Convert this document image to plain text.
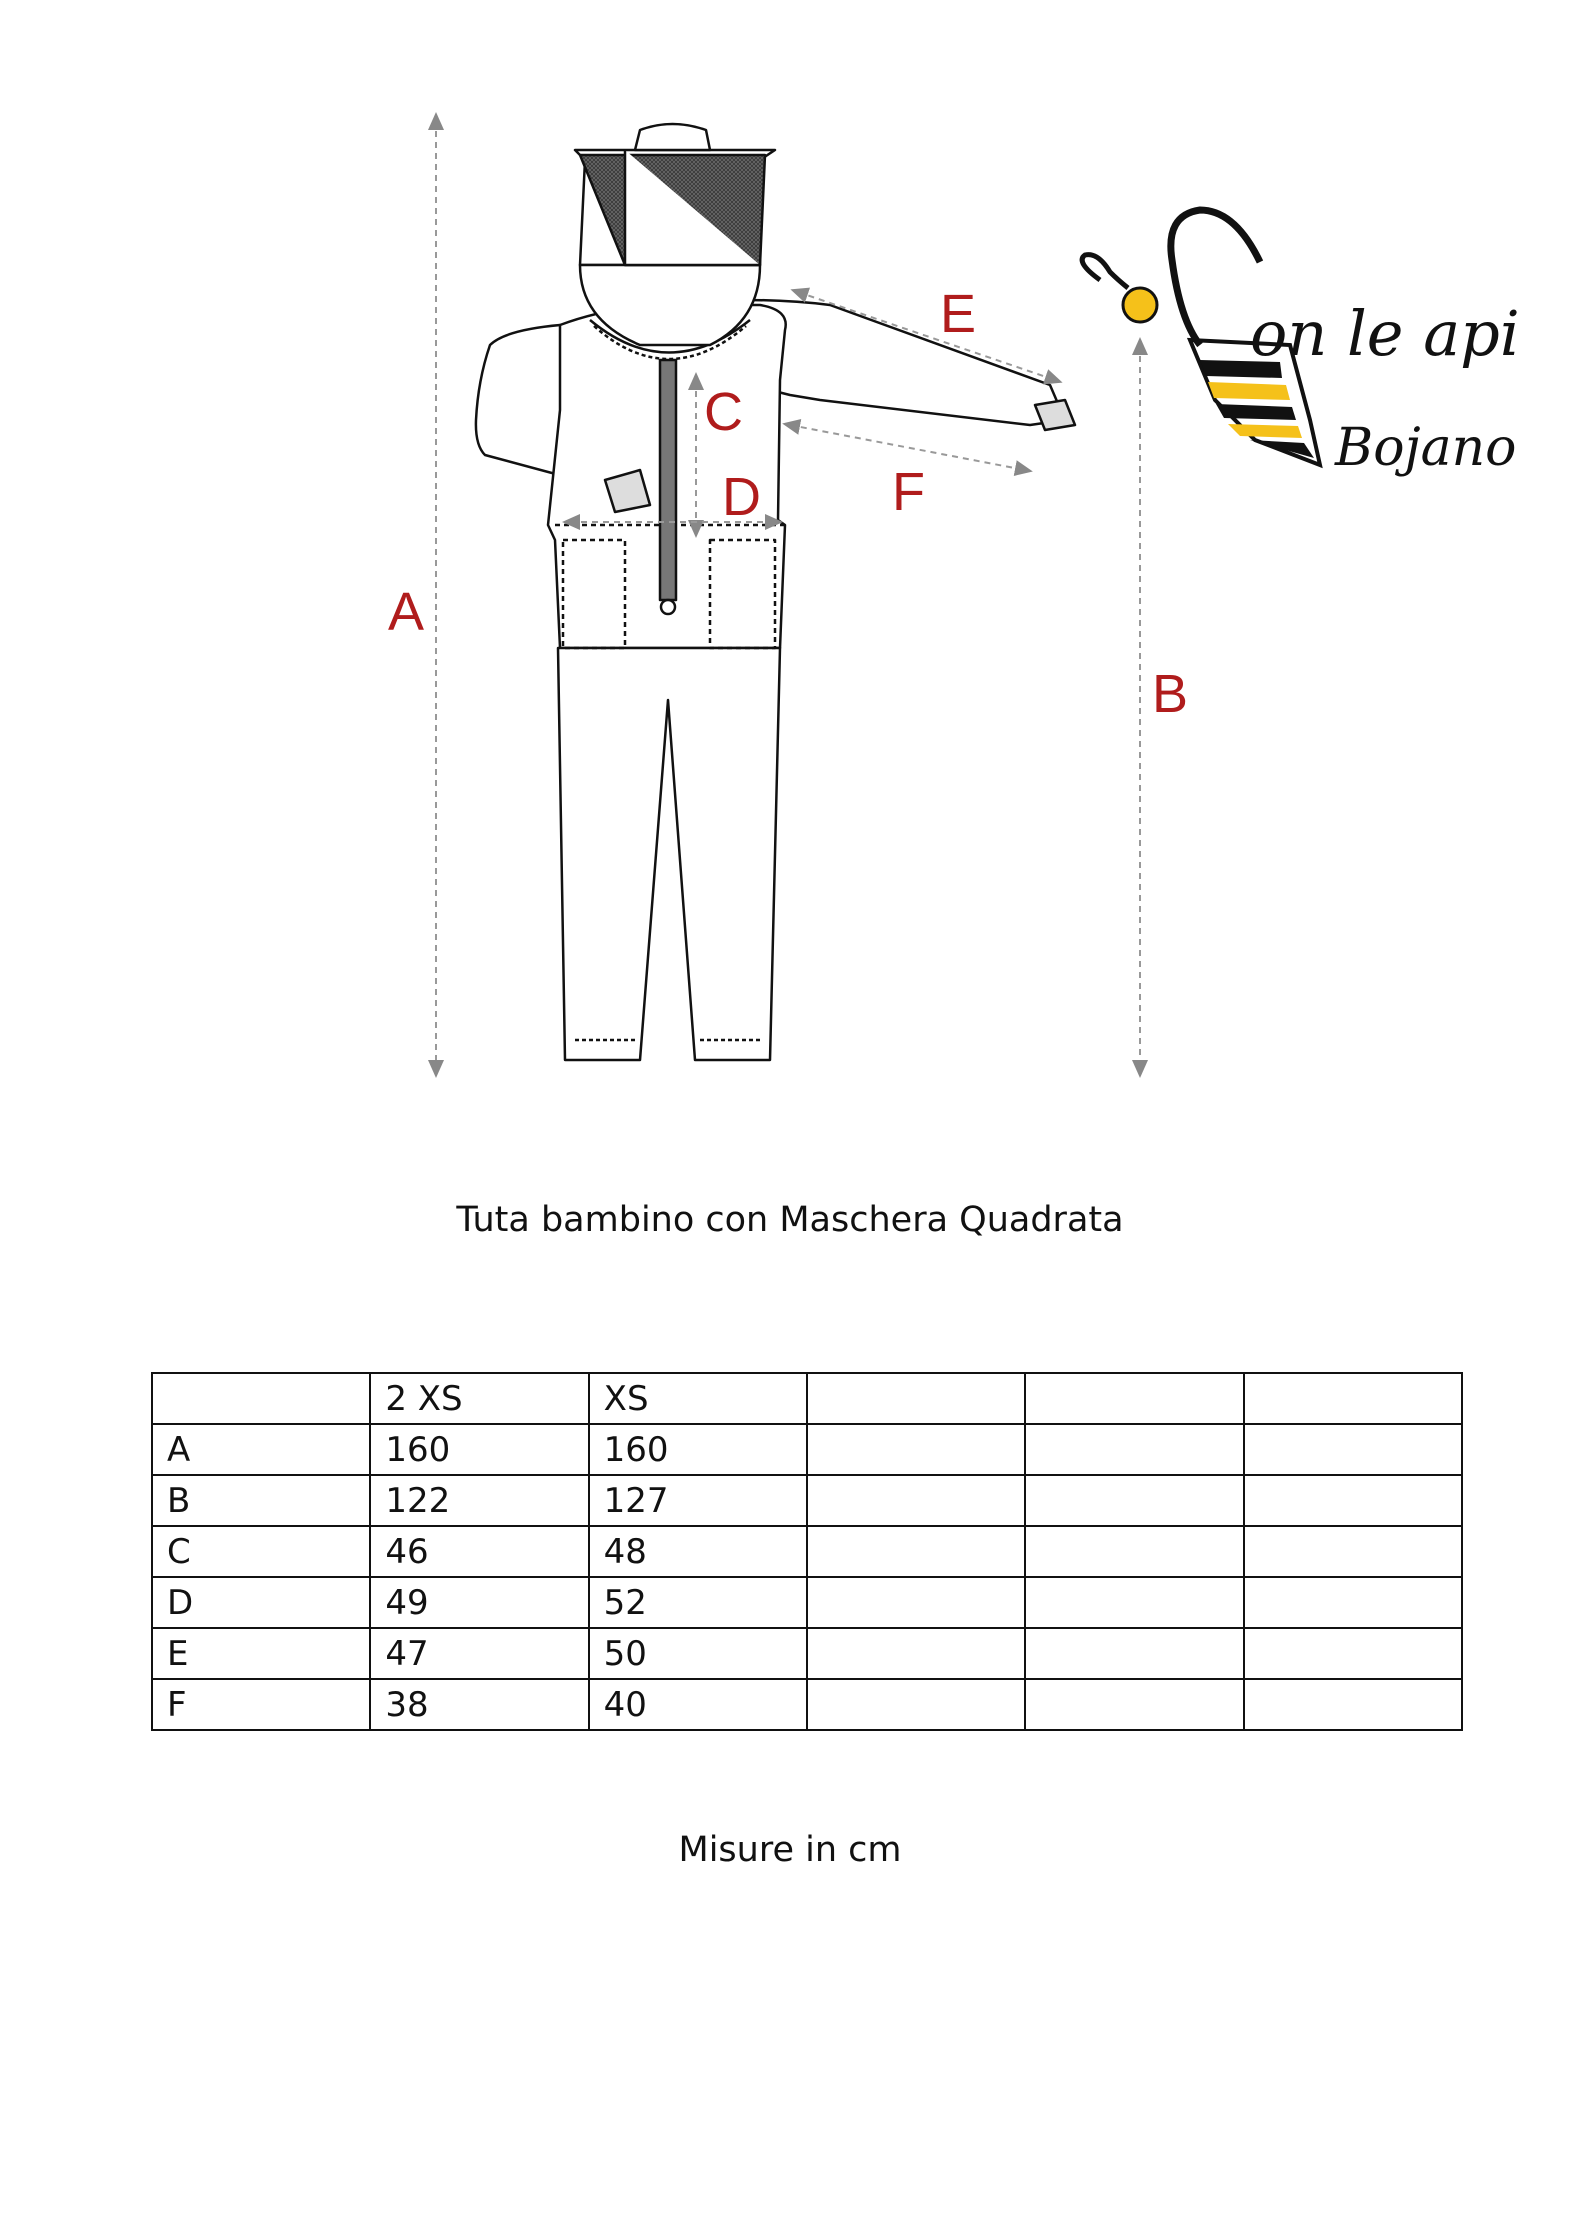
A
B
C
D
E
F
on le api
Bojano
Tuta bambino con Maschera Quadrata
	2 XS	XS			
A	160	160			
B	122	127			
C	46	48			
D	49	52			
E	47	50			
F	38	40			
Misure in cm
